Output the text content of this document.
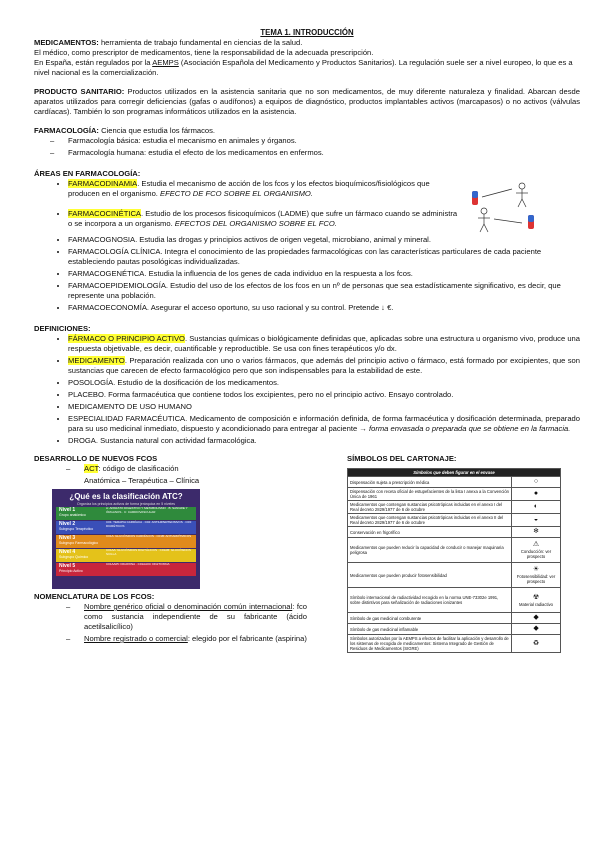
TEMA 1. INTRODUCCIÓN

MEDICAMENTOS: herramienta de trabajo fundamental en ciencias de la salud.

El médico, como prescriptor de medicamentos, tiene la responsabilidad de la adecuada prescripción.

En España, están regulados por la AEMPS (Asociación Española del Medicamento y Productos Sanitarios). La regulación suele ser a nivel europeo, lo que es a nivel nacional es la comercialización.

PRODUCTO SANITARIO: Productos utilizados en la asistencia sanitaria que no son medicamentos, de muy diferente naturaleza y finalidad. Abarcan desde aparatos utilizados para corregir deficiencias (gafas o audífonos) a equipos de diagnóstico, productos implantables activos (marcapasos) o no activos (válvulas cardíacas). También lo son programas informáticos utilizados en la asistencia.

FARMACOLOGÍA: Ciencia que estudia los fármacos.

– Farmacología básica: estudia el mecanismo en animales y órganos.
– Farmacología humana: estudia el efecto de los medicamentos en enfermos.

ÁREAS EN FARMACOLOGÍA:

• FARMACODINAMIA. Estudia el mecanismo de acción de los fcos y los efectos bioquímicos/fisiológicos que producen en el organismo. EFECTO DE FCO SOBRE EL ORGANISMO.
• FARMACOCINÉTICA. Estudio de los procesos fisicoquímicos (LADME) que sufre un fármaco cuando se administra o se incorpora a un organismo. EFECTOS DEL ORGANISMO SOBRE EL FCO.
• FARMACOGNOSIA. Estudia las drogas y principios activos de origen vegetal, microbiano, animal y mineral.
• FARMACOLOGÍA CLÍNICA. Integra el conocimiento de las propiedades farmacológicas con las características particulares de cada paciente estableciendo pautas posológicas individualizadas.
• FARMACOGENÉTICA. Estudia la influencia de los genes de cada individuo en la respuesta a los fcos.
• FARMACOEPIDEMIOLOGÍA. Estudio del uso de los efectos de los fcos en un nº de personas que sea estadísticamente significativo, es decir, que represente una población.
• FARMACOECONOMÍA. Asegurar el acceso oportuno, su uso racional y su control. Pretende ↓ €.

DEFINICIONES:

• FÁRMACO O PRINCIPIO ACTIVO. Sustancias químicas o biológicamente definidas que, aplicadas sobre una estructura u organismo vivo, produce una respuesta objetivable, es decir, cuantificable y reproductible. Se usa con fines terapéuticos y/o dx.
• MEDICAMENTO. Preparación realizada con uno o varios fármacos, que además del principio activo o fármaco, está formado por excipientes, que son sustancias que carecen de efecto farmacológico pero que son indispensables para la estabilidad de este.
• POSOLOGÍA. Estudio de la dosificación de los medicamentos.
• PLACEBO. Forma farmacéutica que contiene todos los excipientes, pero no el principio activo. Ensayo controlado.
• MEDICAMENTO DE USO HUMANO
• ESPECIALIDAD FARMACÉUTICA. Medicamento de composición e información definida, de forma farmacéutica y dosificación determinada, preparado para su uso medicinal inmediato, dispuesto y acondicionado para entregar al paciente → forma envasada o preparada que se obtiene en la farmacia.
• DROGA. Sustancia natural con actividad farmacológica.

DESARROLLO DE NUEVOS FCOS

– ACT: código de clasificación

Anatómica – Terapéutica – Clínica

¿Qué es la clasificación ATC?
Organiza los principios activos de forma jerárquica en 5 niveles
Nivel 1
Grupo anatómico
A: APARATO DIGESTIVO Y METABOLISMO · B: SANGRE Y ÓRGANOS · C: CARDIOVASCULAR
Nivel 2
Subgrupo Terapéutico
C01: TERAPIA CARDÍACA · C02: ANTIHIPERTENSIVOS · C03: DIURÉTICOS
Nivel 3
Subgrupo Farmacológico
C01A: GLUCÓSIDOS CARDÍACOS · C01B: ANTIARRÍTMICOS
Nivel 4
Subgrupo Químico
C01AA: GLUCÓSIDOS DIGITÁLICOS · C01AB: GLUCÓSIDOS SCILLA
Nivel 5
Principio Activo
C01AA05: DIGOXINA · C01AA04: DIGITOXINA

NOMENCLATURA DE LOS FCOS:

– Nombre genérico oficial o denominación común internacional: fco como sustancia independiente de su fabricante (ácido acetilsalicílico)
– Nombre registrado o comercial: elegido por el fabricante (aspirina)

SÍMBOLOS DEL CARTONAJE:

Símbolos que deben figurar en el envase	
Dispensación sujeta a prescripción médica	○

Dispensación con receta oficial de estupefacientes de la lista I anexa a la Convención Única de 1961	●

Medicamentos que contengan sustancias psicotrópicas incluidas en el anexo I del Real decreto 2829/1977 de 6 de octubre	◐

Medicamentos que contengan sustancias psicotrópicas incluidas en el anexo II del Real decreto 2829/1977 de 6 de octubre	◒

Conservación en frigorífico	❄

Medicamentos que pueden reducir la capacidad de conducir o manejar maquinaria peligrosa	⚠
Conducción: ver prospecto

Medicamentos que pueden producir fotosensibilidad	☀
Fotosensibilidad: ver prospecto

Símbolo internacional de radiactividad recogido en la norma UNE-73302e 1991, sobre distintivos para señalización de radiaciones ionizantes	☢
Material radiactivo

Símbolo de gas medicinal comburente	◆

Símbolo de gas medicinal inflamable	◆

Símbolos autorizados por la AEMPS a efectos de facilitar la aplicación y desarrollo de los sistemas de recogida de medicamentos: Sistema Integrado de Gestión de Residuos de Medicamentos (SIGRE)	♻
